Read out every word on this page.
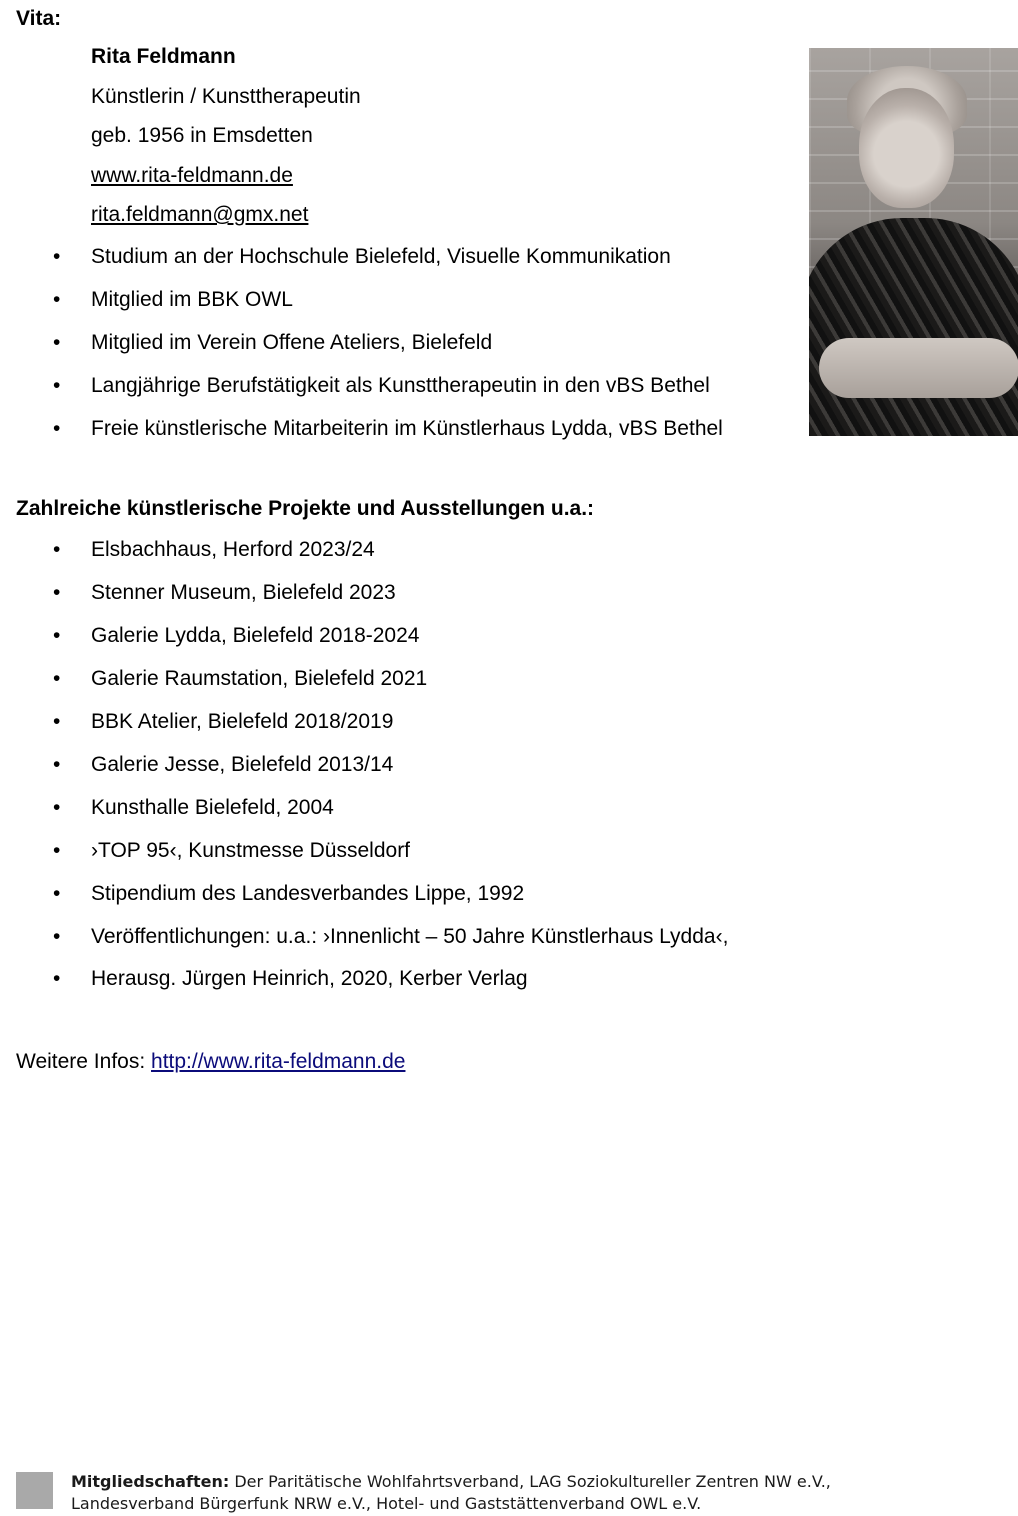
Vita:
Rita Feldmann
Künstlerin / Kunsttherapeutin
geb. 1956 in Emsdetten
www.rita-feldmann.de
rita.feldmann@gmx.net
• Studium an der Hochschule Bielefeld, Visuelle Kommunikation
• Mitglied im BBK OWL
• Mitglied im Verein Offene Ateliers, Bielefeld
• Langjährige Berufstätigkeit als Kunsttherapeutin in den vBS Bethel
• Freie künstlerische Mitarbeiterin im Künstlerhaus Lydda, vBS Bethel
Zahlreiche künstlerische Projekte und Ausstellungen u.a.:
• Elsbachhaus, Herford 2023/24
• Stenner Museum, Bielefeld 2023
• Galerie Lydda, Bielefeld 2018-2024
• Galerie Raumstation, Bielefeld 2021
• BBK Atelier, Bielefeld 2018/2019
• Galerie Jesse, Bielefeld 2013/14
• Kunsthalle Bielefeld, 2004
• ›TOP 95‹, Kunstmesse Düsseldorf
• Stipendium des Landesverbandes Lippe, 1992
• Veröffentlichungen: u.a.: ›Innenlicht – 50 Jahre Künstlerhaus Lydda‹,
• Herausg. Jürgen Heinrich, 2020, Kerber Verlag
Weitere Infos: http://www.rita-feldmann.de
Mitgliedschaften: Der Paritätische Wohlfahrtsverband, LAG Soziokultureller Zentren NW e.V.,
Landesverband Bürgerfunk NRW e.V., Hotel- und Gaststättenverband OWL e.V.
